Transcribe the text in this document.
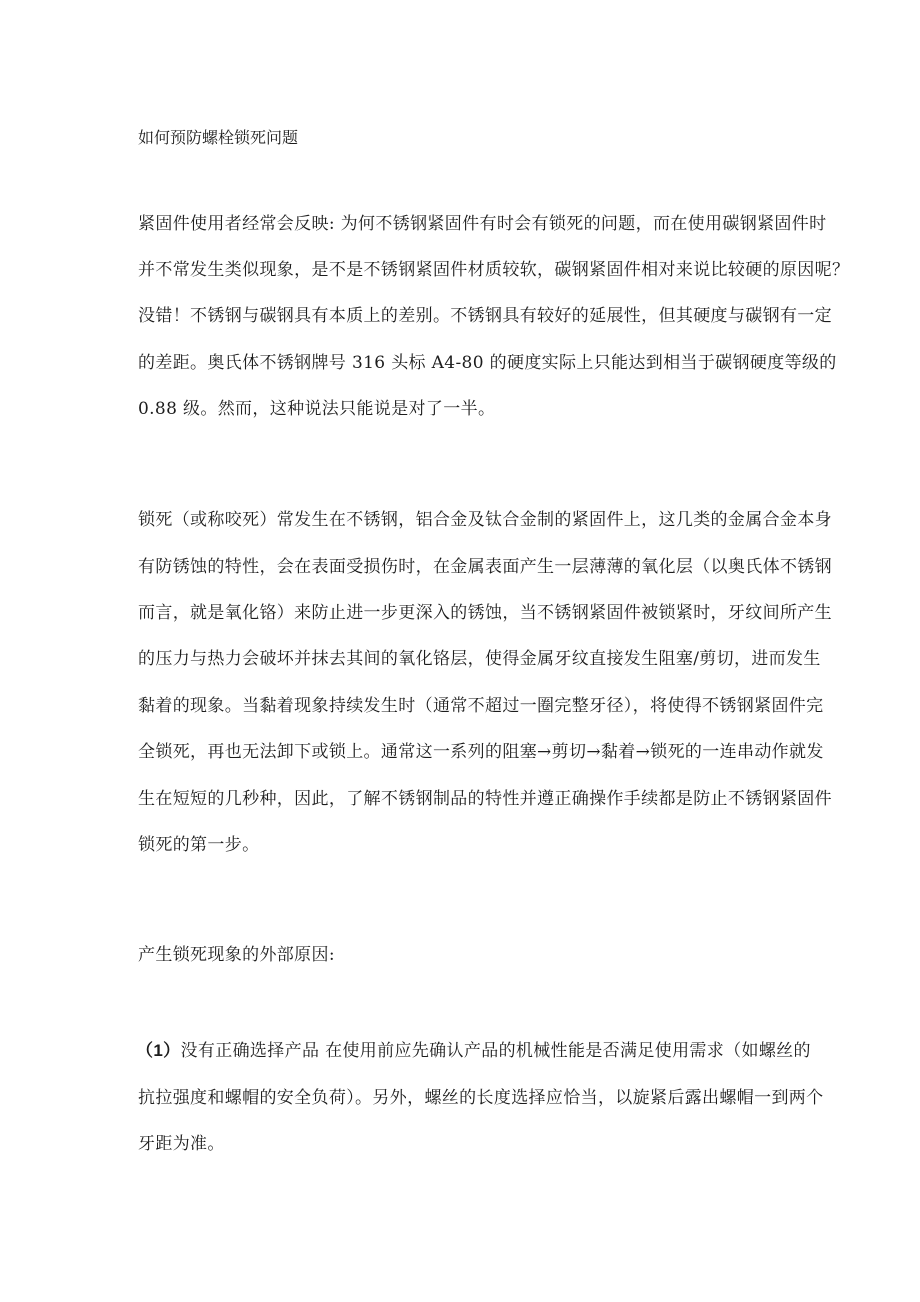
如何预防螺栓锁死问题
紧固件使用者经常会反映: 为何不锈钢紧固件有时会有锁死的问题，而在使用碳钢紧固件时
并不常发生类似现象，是不是不锈钢紧固件材质较软，碳钢紧固件相对来说比较硬的原因呢？
没错！不锈钢与碳钢具有本质上的差别。不锈钢具有较好的延展性，但其硬度与碳钢有一定
的差距。奥氏体不锈钢牌号 316 头标 A4-80 的硬度实际上只能达到相当于碳钢硬度等级的
0.88 级。然而，这种说法只能说是对了一半。
锁死（或称咬死）常发生在不锈钢，铝合金及钛合金制的紧固件上，这几类的金属合金本身
有防锈蚀的特性，会在表面受损伤时，在金属表面产生一层薄薄的氧化层（以奥氏体不锈钢
而言，就是氧化铬）来防止进一步更深入的锈蚀，当不锈钢紧固件被锁紧时，牙纹间所产生
的压力与热力会破坏并抹去其间的氧化铬层，使得金属牙纹直接发生阻塞/剪切，进而发生
黏着的现象。当黏着现象持续发生时（通常不超过一圈完整牙径），将使得不锈钢紧固件完
全锁死，再也无法卸下或锁上。通常这一系列的阻塞→剪切→黏着→锁死的一连串动作就发
生在短短的几秒种，因此，了解不锈钢制品的特性并遵正确操作手续都是防止不锈钢紧固件
锁死的第一步。
产生锁死现象的外部原因:
（1） 没有正确选择产品 在使用前应先确认产品的机械性能是否满足使用需求（如螺丝的
抗拉强度和螺帽的安全负荷）。另外，螺丝的长度选择应恰当，以旋紧后露出螺帽一到两个
牙距为准。
